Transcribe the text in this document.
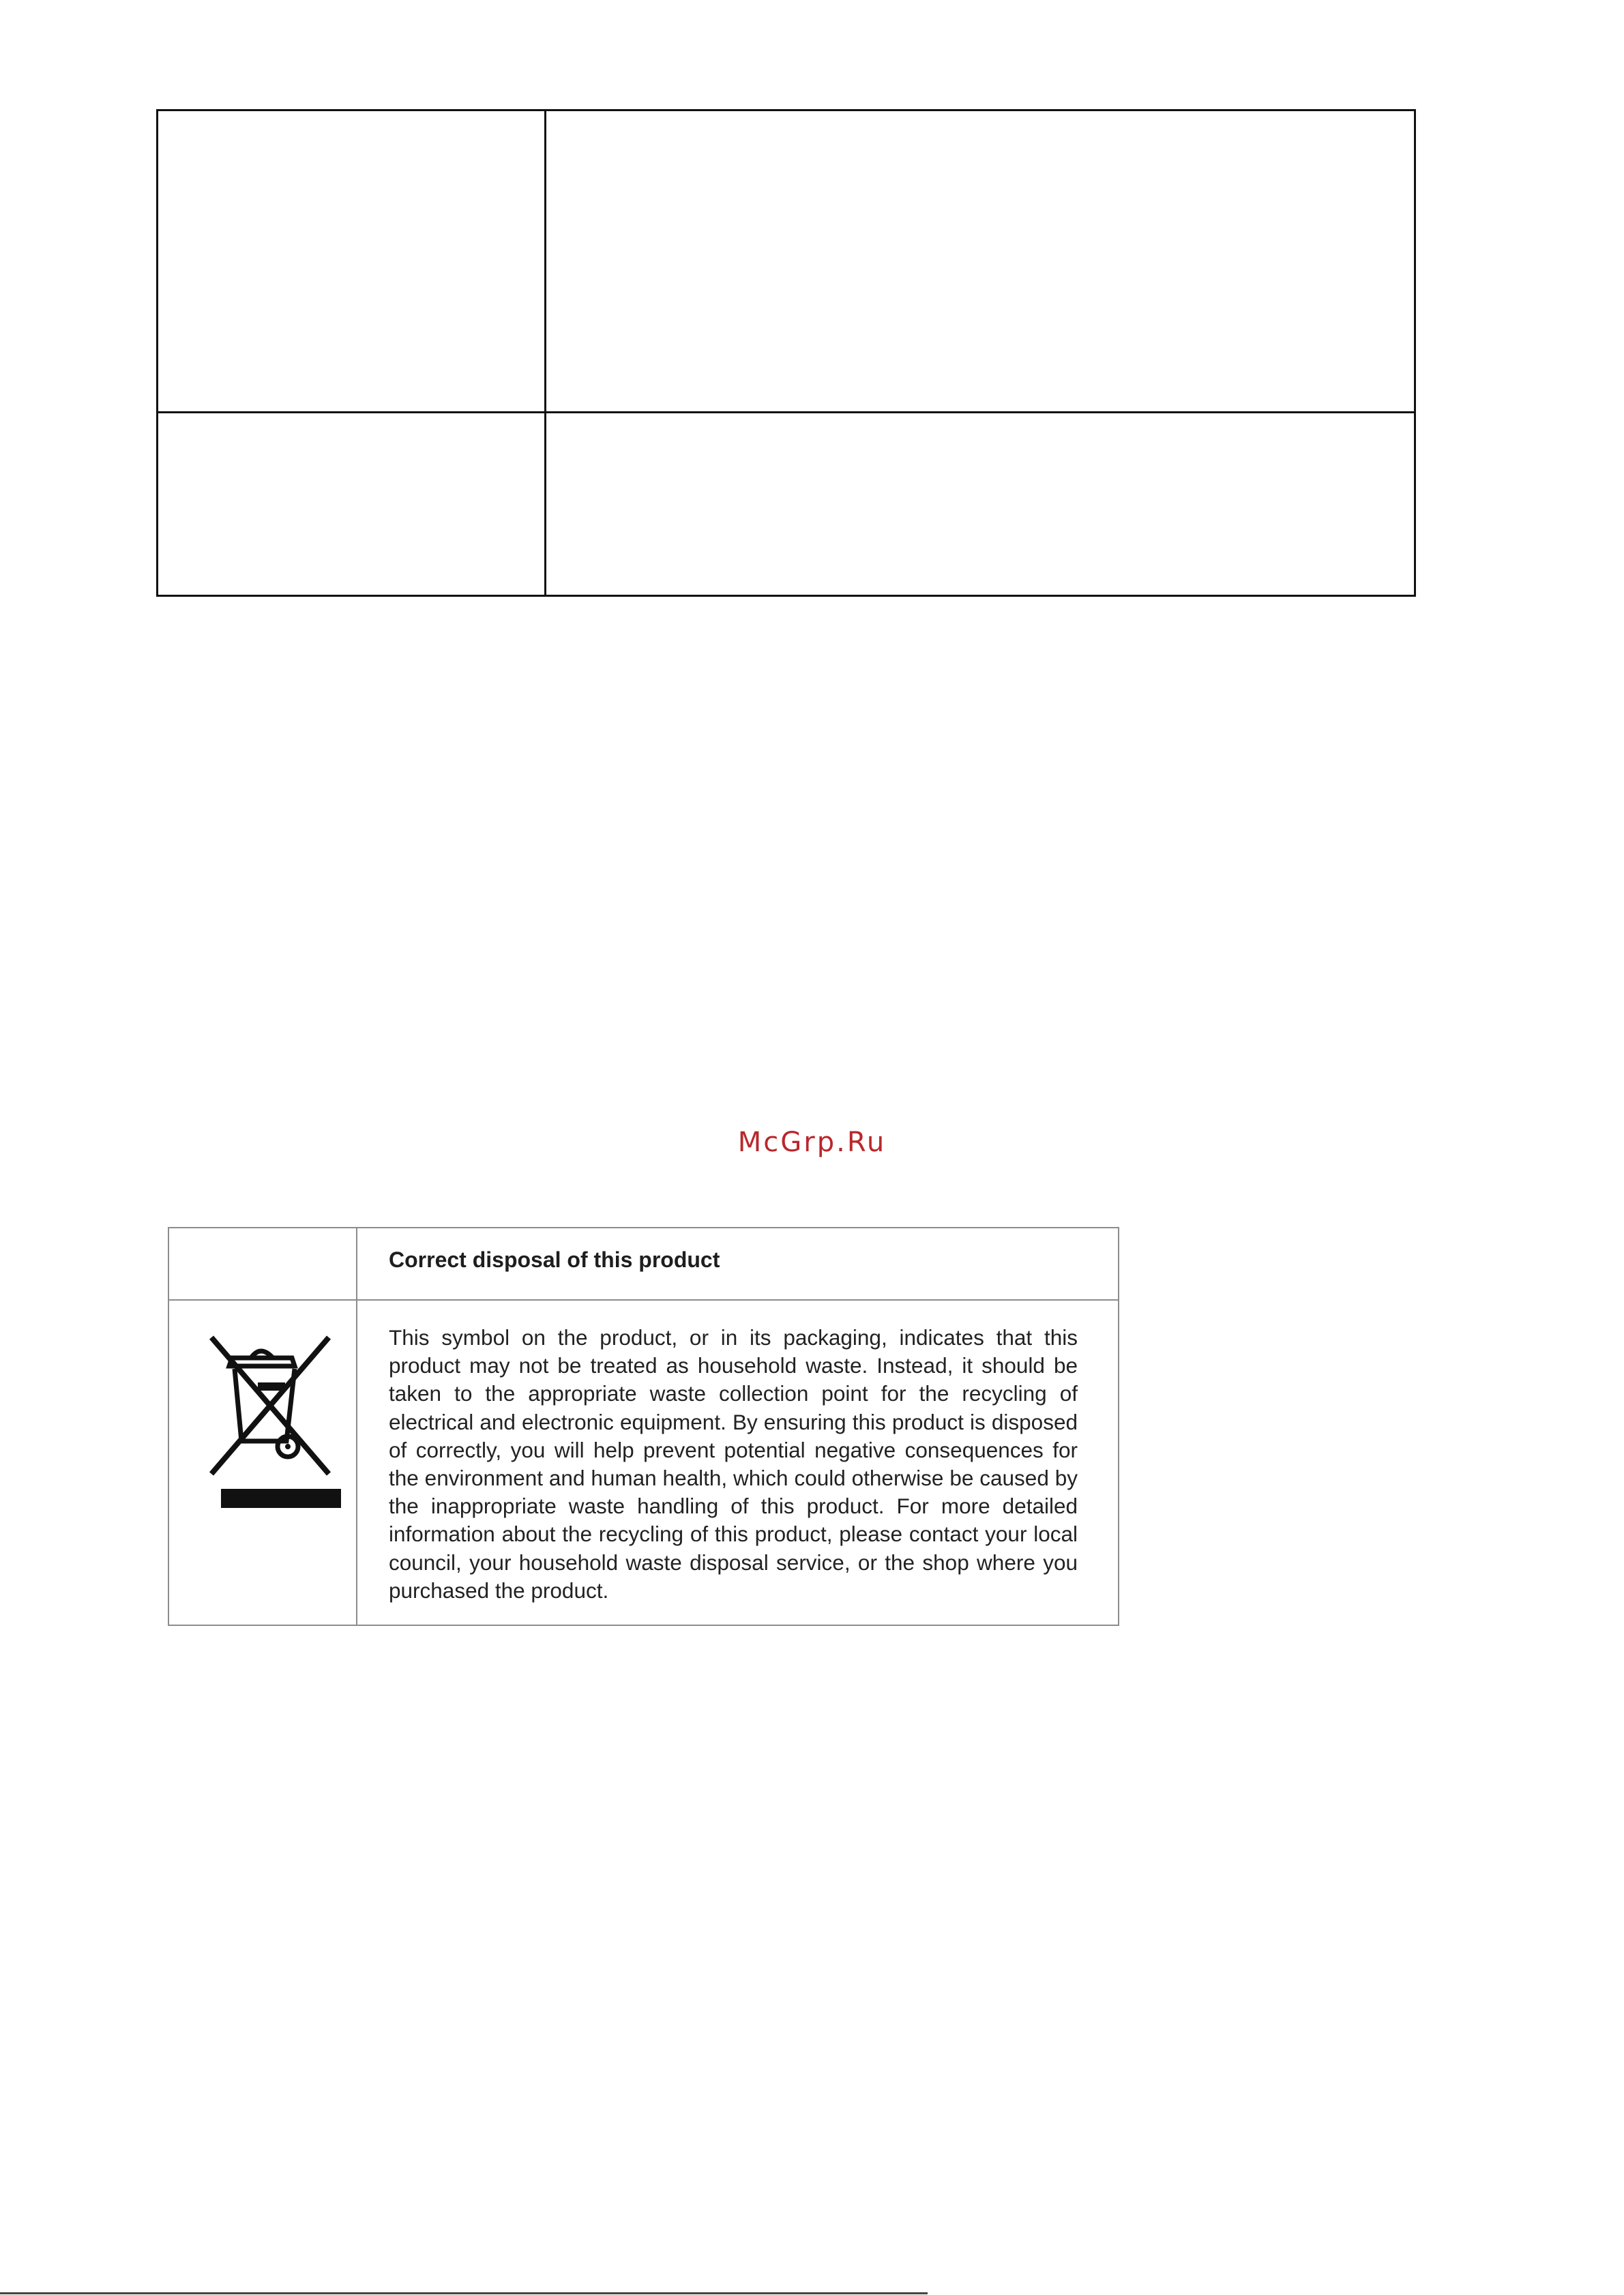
McGrp.Ru
Correct disposal of this product

This symbol on the product, or in its packaging, indicates that this product may not be treated as household waste. Instead, it should be taken to the appropriate waste collection point for the recycling of electrical and electronic equipment. By ensuring this product is disposed of correctly, you will help prevent potential negative consequences for the environment and human health, which could otherwise be caused by the inappropriate waste handling of this product. For more detailed information about the recycling of this product, please contact your local council, your household waste disposal service, or the shop where you purchased the product.
